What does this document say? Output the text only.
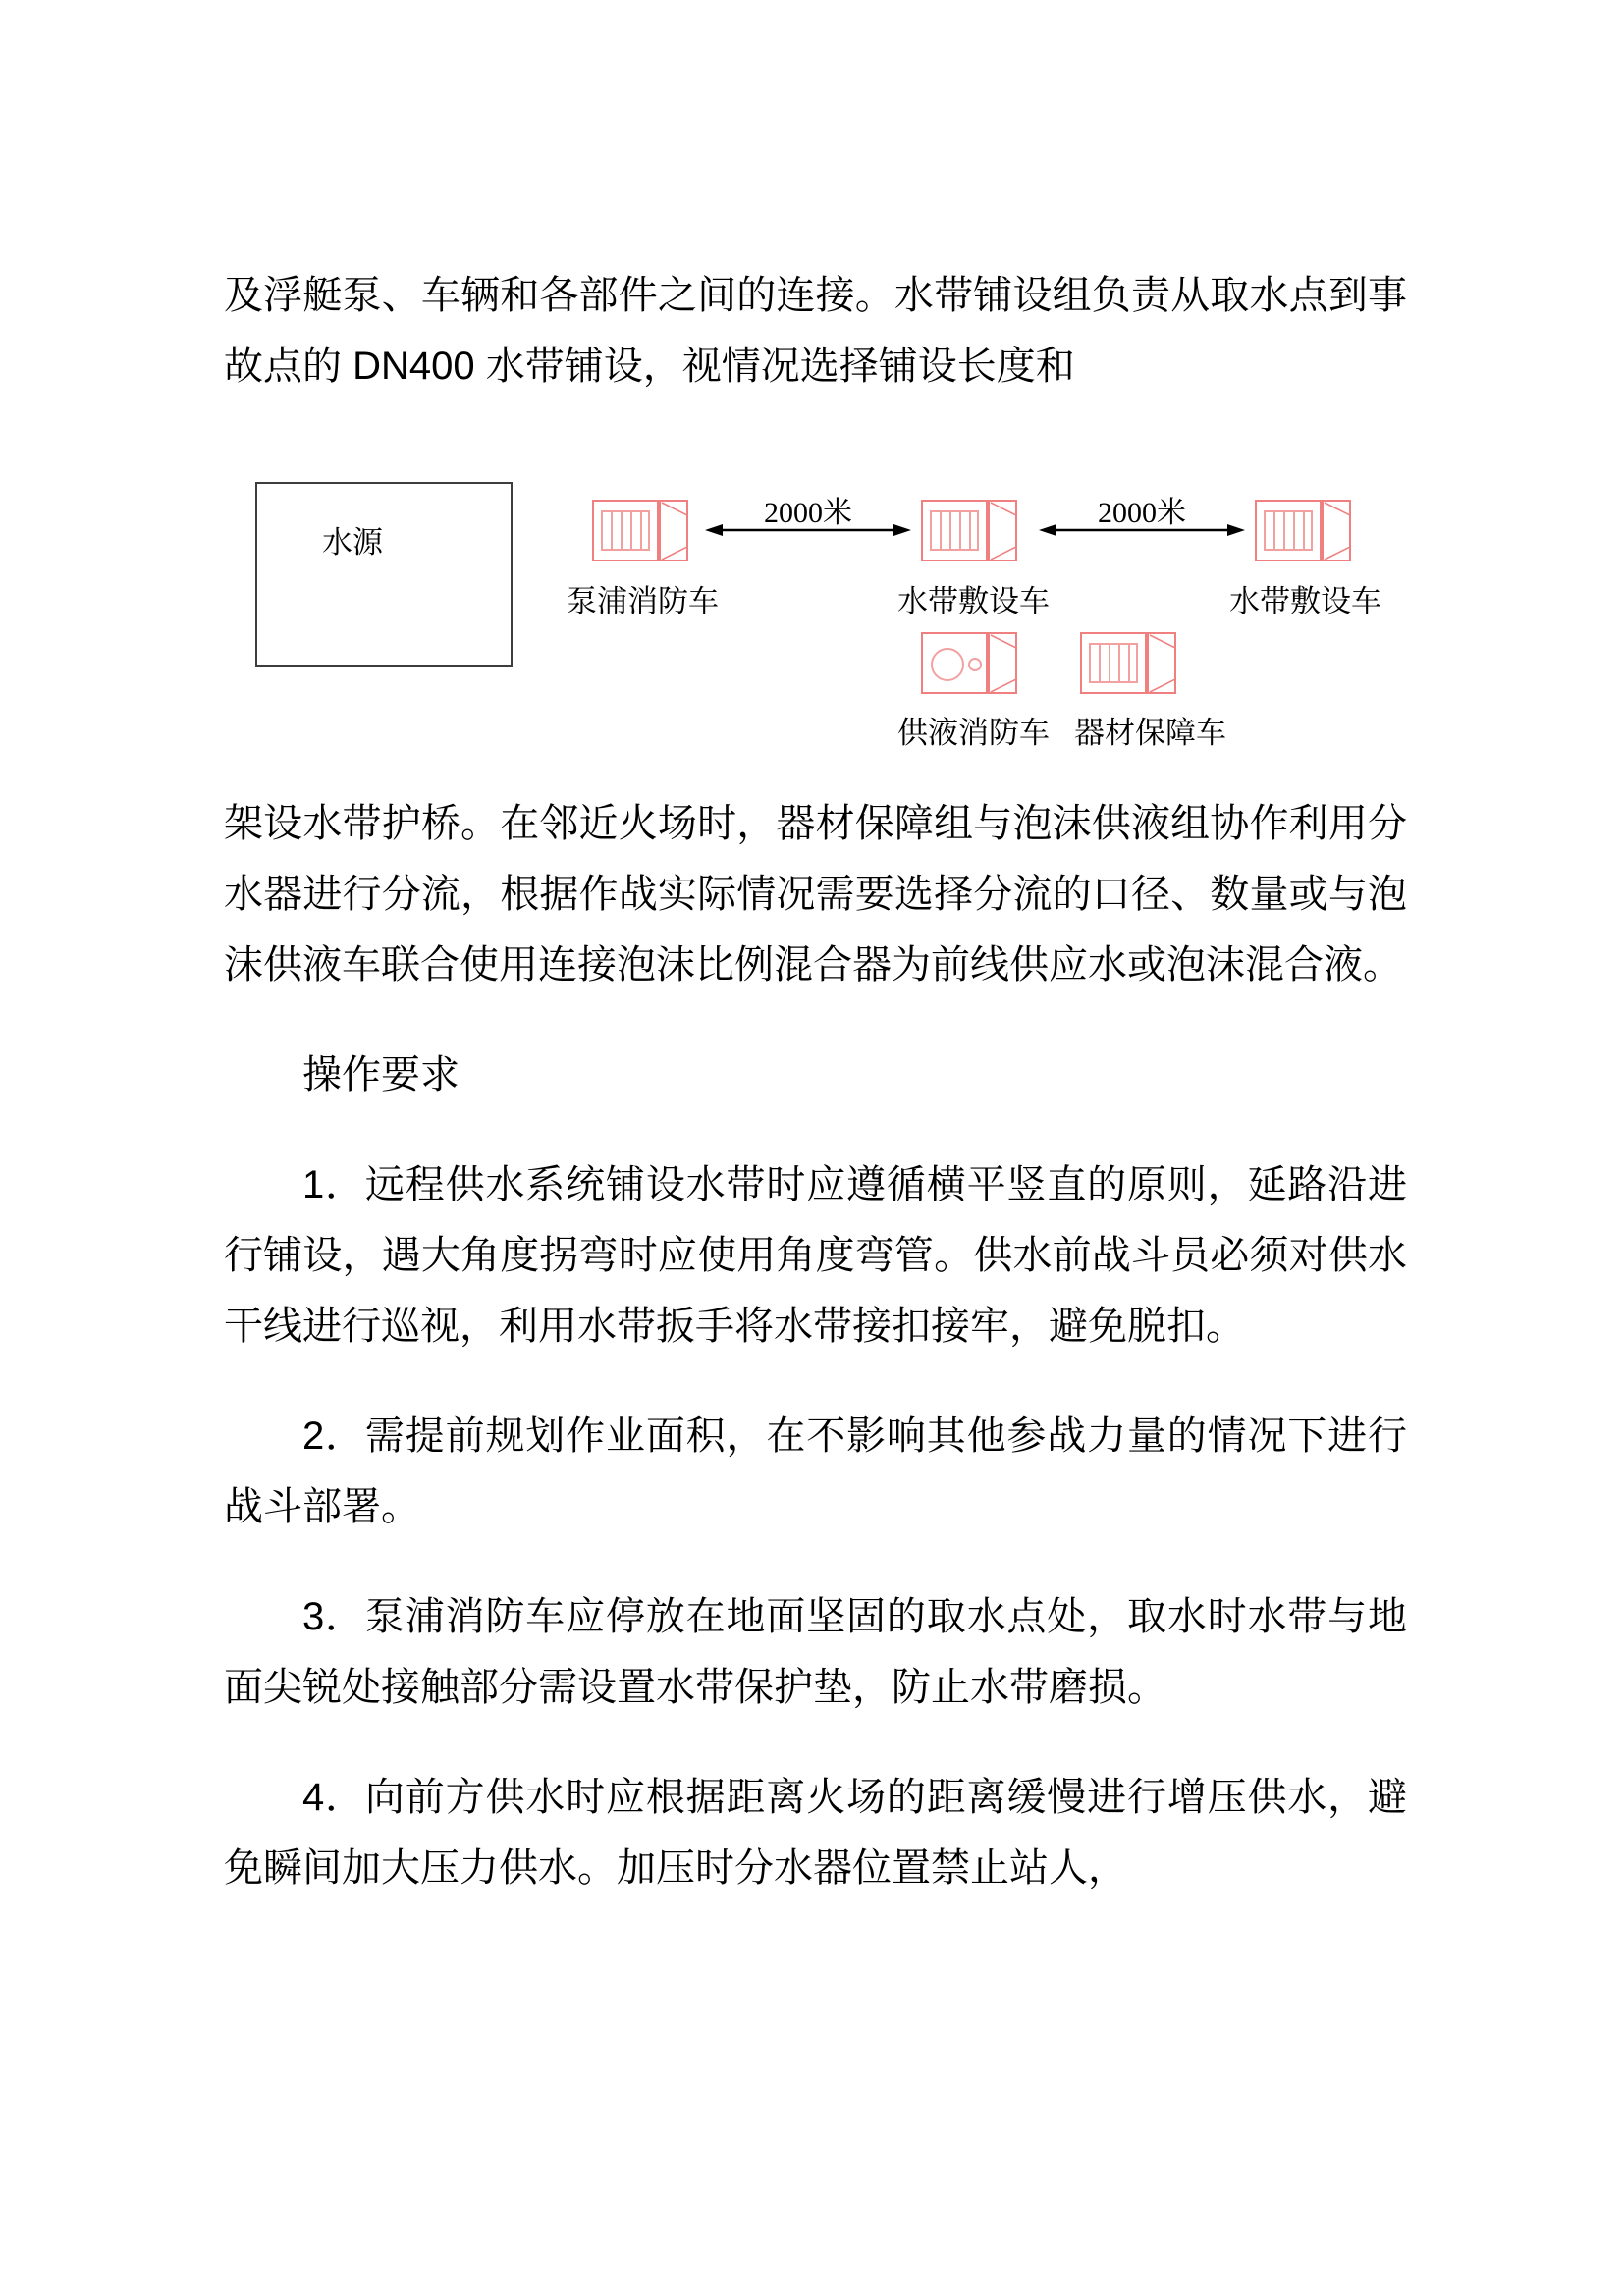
及浮艇泵、车辆和各部件之间的连接。水带铺设组负责从取水点到事故点的 DN400 水带铺设，视情况选择铺设长度和

水源
泵浦消防车
2000米
水带敷设车
2000米
水带敷设车
供液消防车 器材保障车

架设水带护桥。在邻近火场时，器材保障组与泡沫供液组协作利用分水器进行分流，根据作战实际情况需要选择分流的口径、数量或与泡沫供液车联合使用连接泡沫比例混合器为前线供应水或泡沫混合液。

操作要求

1．远程供水系统铺设水带时应遵循横平竖直的原则，延路沿进行铺设，遇大角度拐弯时应使用角度弯管。供水前战斗员必须对供水干线进行巡视，利用水带扳手将水带接扣接牢，避免脱扣。

2．需提前规划作业面积，在不影响其他参战力量的情况下进行战斗部署。

3．泵浦消防车应停放在地面坚固的取水点处，取水时水带与地面尖锐处接触部分需设置水带保护垫，防止水带磨损。

4．向前方供水时应根据距离火场的距离缓慢进行增压供水，避免瞬间加大压力供水。加压时分水器位置禁止站人，
